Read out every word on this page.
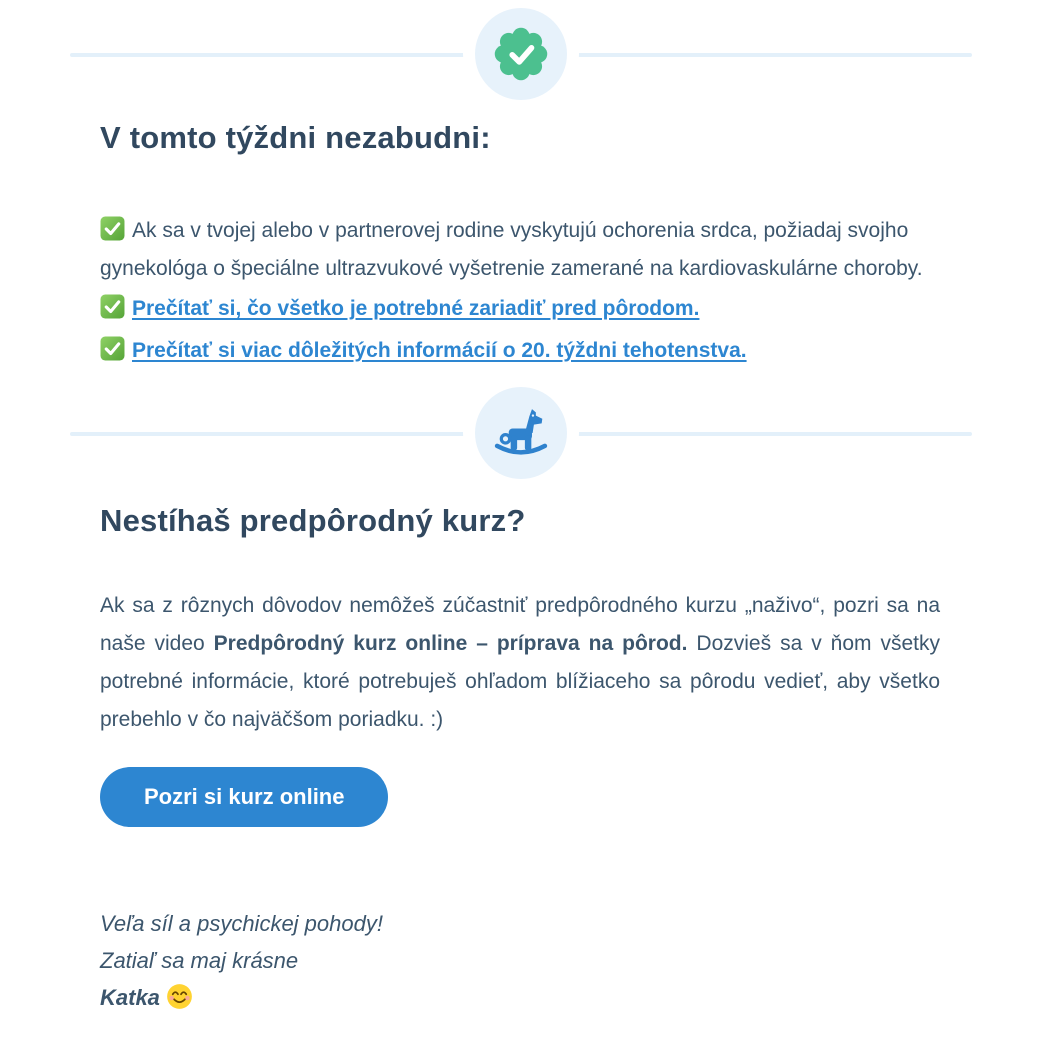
V tomto týždni nezabudni:

Ak sa v tvojej alebo v partnerovej rodine vyskytujú ochorenia srdca, požiadaj svojho gynekológa o špeciálne ultrazvukové vyšetrenie zamerané na kardiovaskulárne choroby.

Prečítať si, čo všetko je potrebné zariadiť pred pôrodom.

Prečítať si viac dôležitých informácií o 20. týždni tehotenstva.

Nestíhaš predpôrodný kurz?

Ak sa z rôznych dôvodov nemôžeš zúčastniť predpôrodného kurzu „naživo“, pozri sa na naše video Predpôrodný kurz online – príprava na pôrod. Dozvieš sa v ňom všetky potrebné informácie, ktoré potrebuješ ohľadom blížiaceho sa pôrodu vedieť, aby všetko prebehlo v čo najväčšom poriadku. :)

Pozri si kurz online

Veľa síl a psychickej pohody!

Zatiaľ sa maj krásne

Katka
